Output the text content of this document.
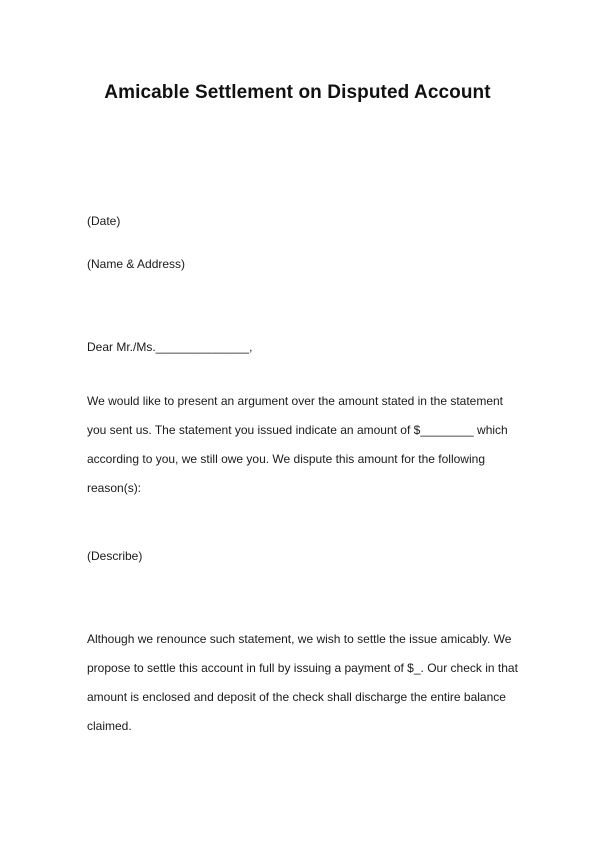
Amicable Settlement on Disputed Account

(Date)

(Name & Address)

Dear Mr./Ms.______________,

We would like to present an argument over the amount stated in the statement
you sent us. The statement you issued indicate an amount of $________ which
according to you, we still owe you. We dispute this amount for the following
reason(s):

(Describe)

Although we renounce such statement, we wish to settle the issue amicably. We
propose to settle this account in full by issuing a payment of $_. Our check in that
amount is enclosed and deposit of the check shall discharge the entire balance
claimed.
